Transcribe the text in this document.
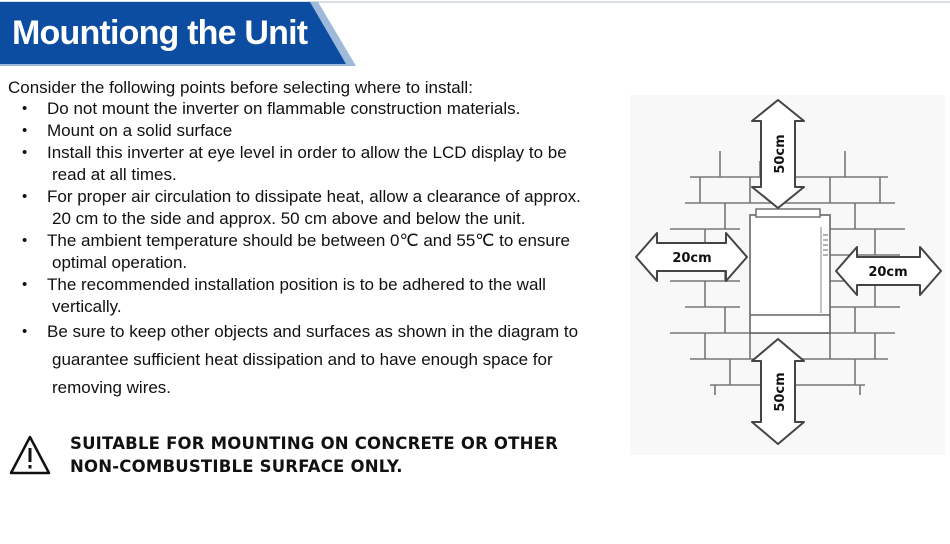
Mountiong the Unit
Consider the following points before selecting where to install:
• Do not mount the inverter on flammable construction materials.
• Mount on a solid surface
• Install this inverter at eye level in order to allow the LCD display to be
read at all times.
• For proper air circulation to dissipate heat, allow a clearance of approx.
20 cm to the side and approx. 50 cm above and below the unit.
• The ambient temperature should be between 0℃ and 55℃ to ensure
optimal operation.
• The recommended installation position is to be adhered to the wall
vertically.
• Be sure to keep other objects and surfaces as shown in the diagram to
guarantee sufficient heat dissipation and to have enough space for
removing wires.
SUITABLE FOR MOUNTING ON CONCRETE OR OTHER
NON-COMBUSTIBLE SURFACE ONLY.
50cm
50cm
20cm
20cm
